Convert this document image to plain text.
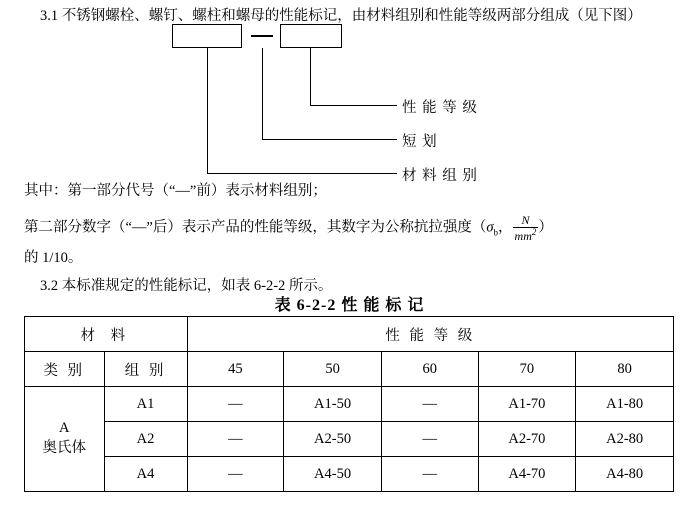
3.1 不锈钢螺栓、螺钉、螺柱和螺母的性能标记，由材料组别和性能等级两部分组成（见下图）
性 能 等 级
短 划
材 料 组 别
其中：第一部分代号（“—”前）表示材料组别；
第二部分数字（“—”后）表示产品的性能等级，其数字为公称抗拉强度（$\sigma_b$， $\frac{N}{mm^2}$ ）
的 1/10。
3.2 本标准规定的性能标记，如表 6-2-2 所示。
表 6-2-2 性 能 标 记
材 料		性 能 等 级				
类 别	组 别	45	50	60	70	80
A
奥氏体	A1	—	A1-50	—	A1-70	A1-80
	A2	—	A2-50	—	A2-70	A2-80
	A4	—	A4-50	—	A4-70	A4-80
